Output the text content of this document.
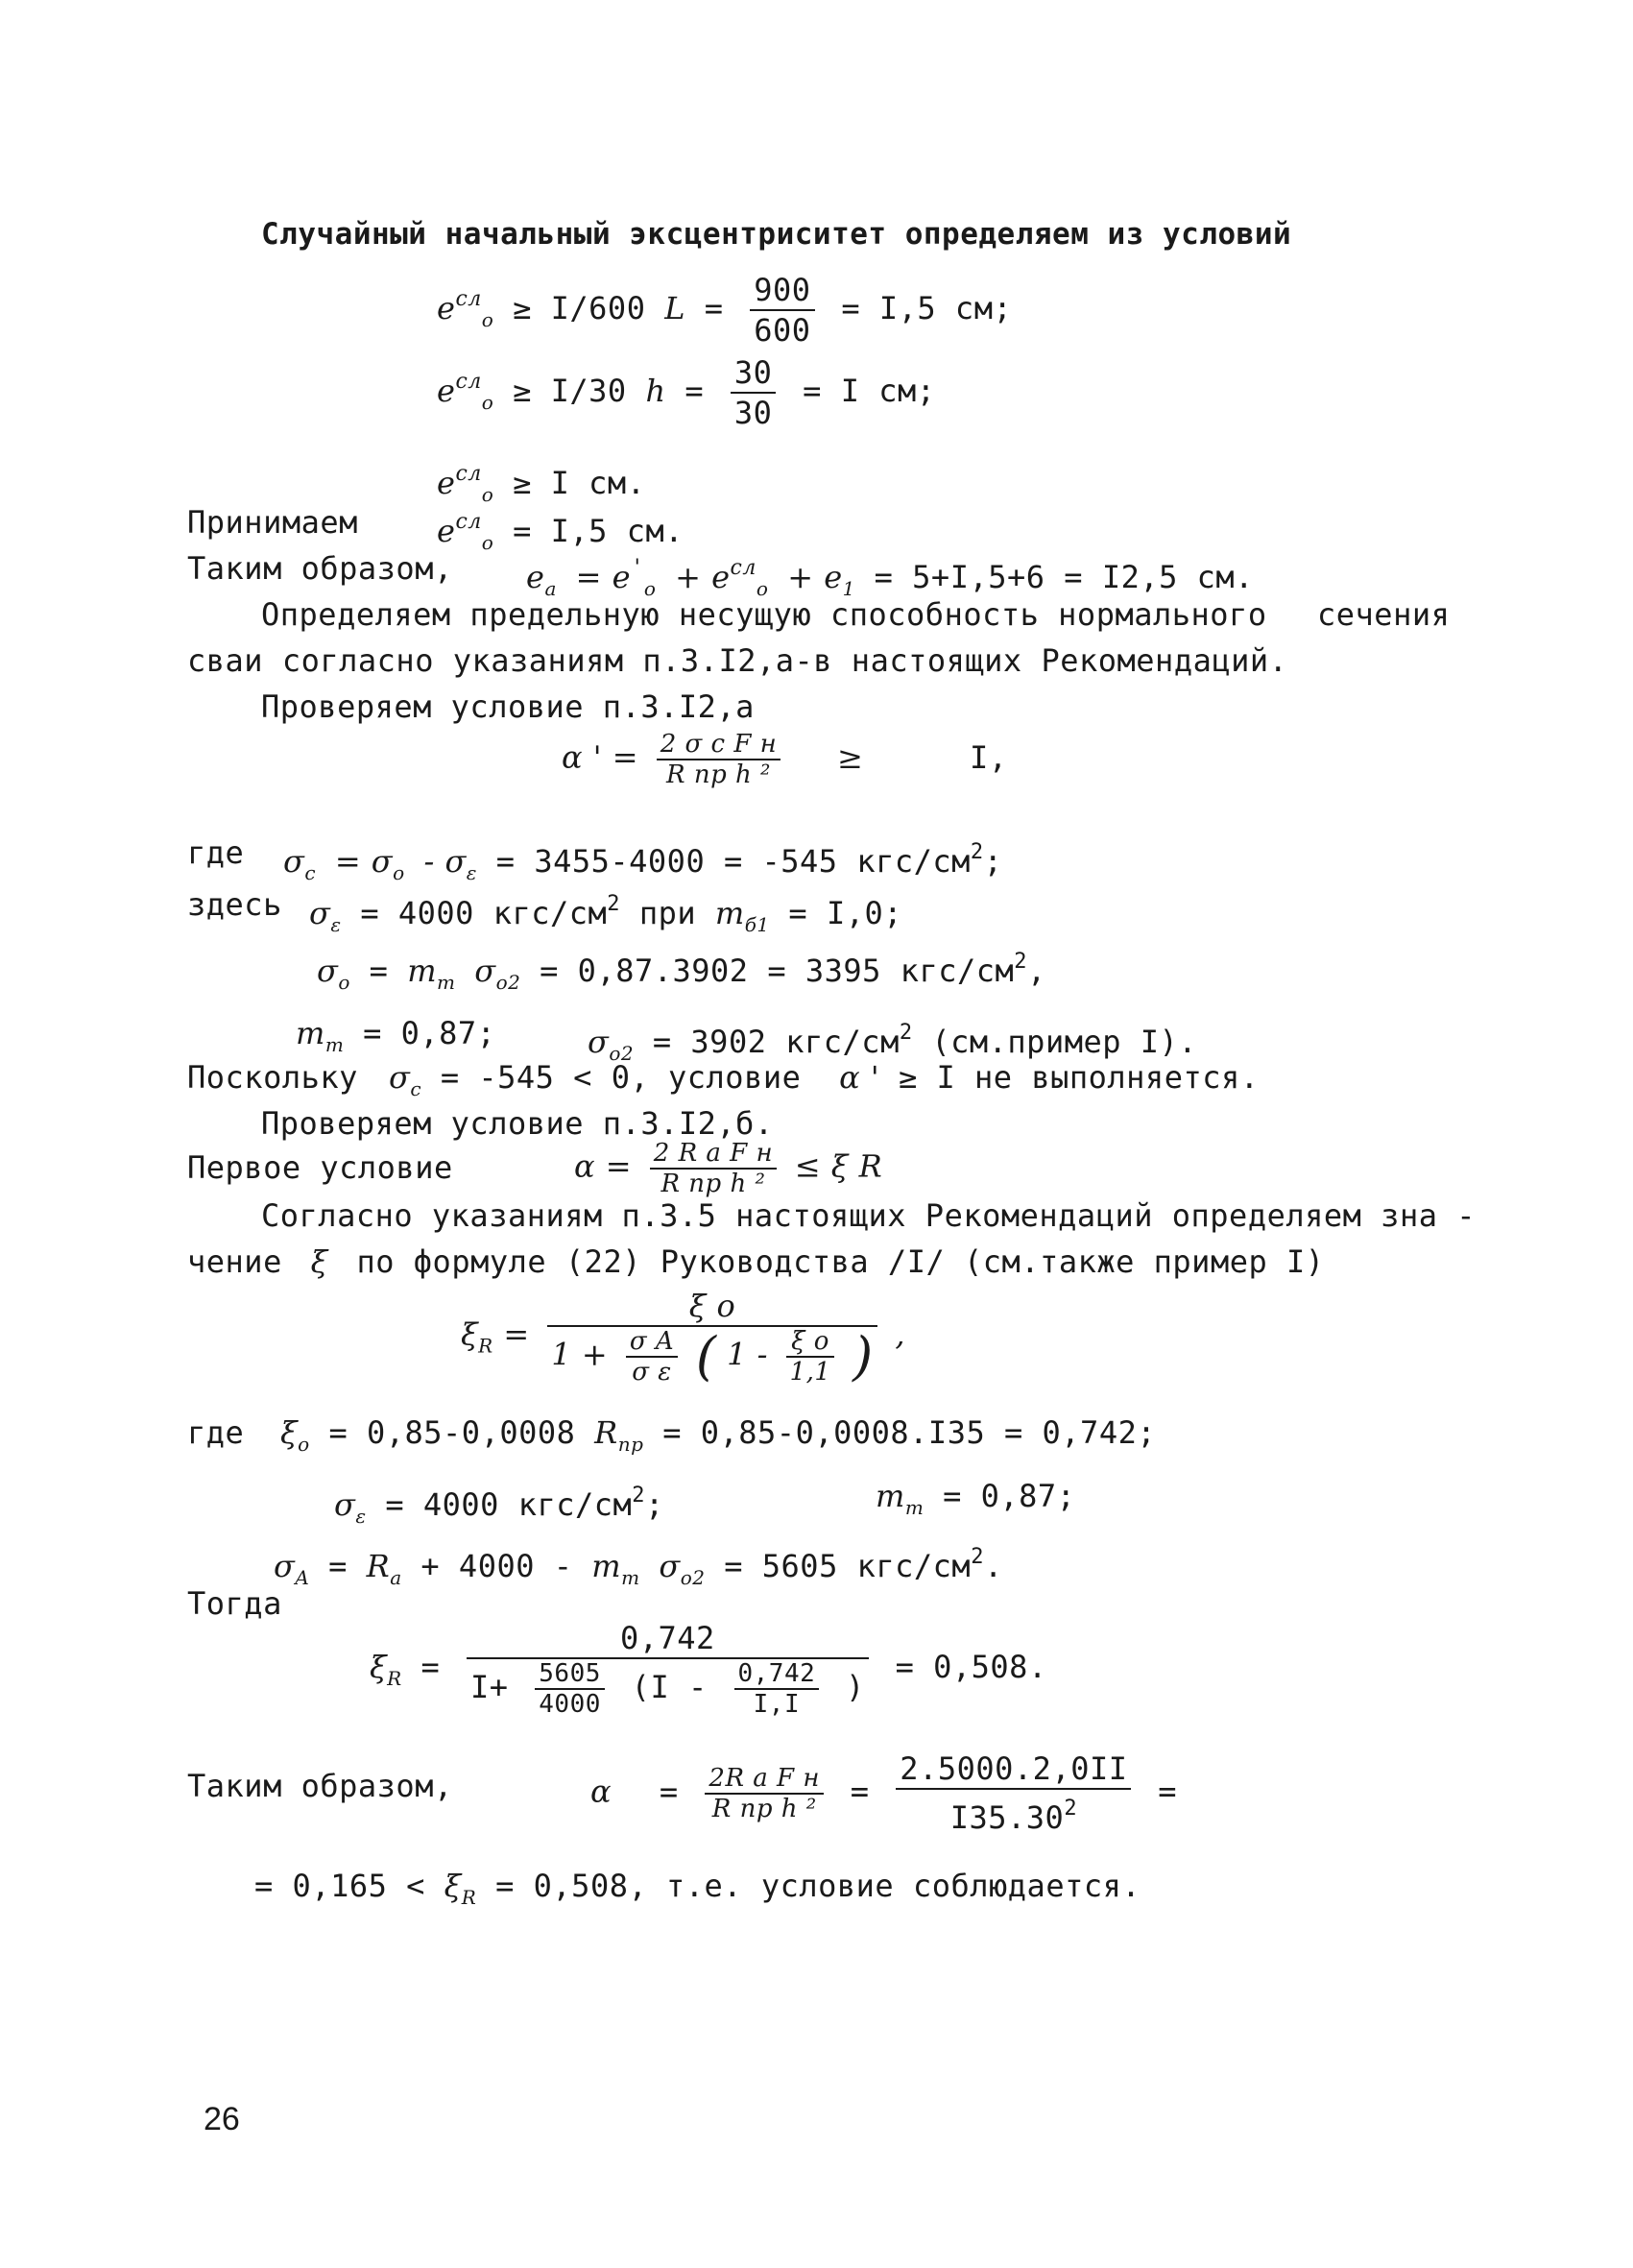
Случайный начальный эксцентриситет определяем из условий
$e^{сл}_o \ge I/600$ $L = \frac{900}{600} = I,5$ см;
$e^{сл}_o \ge I/30$ $h = \frac{30}{30} = I$ см;
$e^{сл}_o \ge I$ см.
Принимаем	$e^{сл}_o = I,5$ см.
Таким образом, $e_a = e'_o + e^{сл}_o + e_1 = 5+I,5+6 = I2,5$ см.
Определяем предельную несущую способность нормального сечения
сваи согласно указаниям п.3.I2,а-в настоящих Рекомендаций.
Проверяем условие п.3.I2,а
α ' = $\frac{\text{2 σ c F н}}{\text{R пр h ²}}$ ≥	I,
где $\sigma_c = \sigma_o - \sigma_\varepsilon = 3455-4000 = -545$ кгс/$см^2$;
здесь $\sigma_\varepsilon = 4000$ кгс/$см^2$ при $m_{б1} = I,0$;
$\sigma_o = m_т$ $\sigma_{o2} = 0,87.3902 = 3395$ кгс/$см^2$,
$m_т = 0,87$;	$\sigma_{o2} = 3902$ кгс/$см^2$ (см.пример I).
Поскольку $\sigma_c = -545 < 0$, условие α ' ≥ I не выполняется.
Проверяем условие п.3.I2,б.
Первое условие	$\alpha = \frac{\text{2 R a F н}}{\text{R пр h ²}} \le \xi$ R
Согласно указаниям п.3.5 настоящих Рекомендаций определяем зна -
чение ξ по формуле (22) Руководства /I/ (см.также пример I)
$\xi_R$ =
ξ o
$1 + \frac{\text{σ A}}{\text{σ ε}}$ ( $1 - \frac{\text{ξ o}}{1,1}$ ) ,
где $\xi_o = 0,85-0,0008$ $R_{пр} = 0,85-0,0008.I35 = 0,742$;
$\sigma_\varepsilon = 4000$ кгс/$см^2$;	$m_т = 0,87$;
$\sigma_A = R_a + 4000 - m_т$ $\sigma_{o2} = 5605$ кгс/$см^2$.
Тогда
$\xi_R = \frac{0,742}{I+ \frac{5605}{4000} (I - \frac{0,742}{I,I} )} = 0,508$.
Таким образом,	$\alpha = \frac{\text{2R a F н}}{\text{R пр h ²}} = \frac{2.5000.2,0II}{I35.30^2}$ =
= $0,165 < \xi_R = 0,508$, т.е. условие соблюдается.
26
